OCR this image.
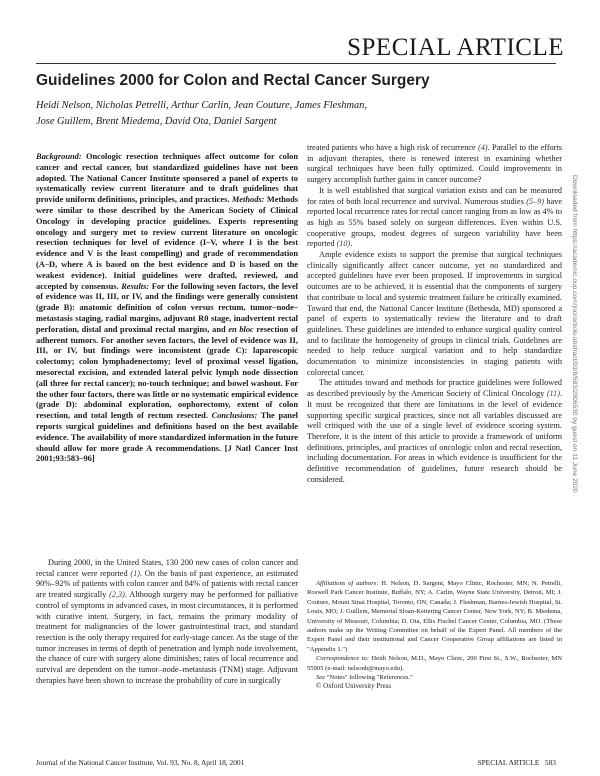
SPECIAL ARTICLE
Guidelines 2000 for Colon and Rectal Cancer Surgery
Heidi Nelson, Nicholas Petrelli, Arthur Carlin, Jean Couture, James Fleshman,
Jose Guillem, Brent Miedema, David Ota, Daniel Sargent

Background: Oncologic resection techniques affect outcome for colon cancer and rectal cancer, but standardized guidelines have not been adopted. The National Cancer Institute sponsored a panel of experts to systematically review current literature and to draft guidelines that provide uniform definitions, principles, and practices. Methods: Methods were similar to those described by the American Society of Clinical Oncology in developing practice guidelines. Experts representing oncology and surgery met to review current literature on oncologic resection techniques for level of evidence (I–V, where I is the best evidence and V is the least compelling) and grade of recommendation (A–D, where A is based on the best evidence and D is based on the weakest evidence). Initial guidelines were drafted, reviewed, and accepted by consensus. Results: For the following seven factors, the level of evidence was II, III, or IV, and the findings were generally consistent (grade B): anatomic definition of colon versus rectum, tumor–node–metastasis staging, radial margins, adjuvant R0 stage, inadvertent rectal perforation, distal and proximal rectal margins, and en bloc resection of adherent tumors. For another seven factors, the level of evidence was II, III, or IV, but findings were inconsistent (grade C): laparoscopic colectomy; colon lymphadenectomy; level of proximal vessel ligation, mesorectal excision, and extended lateral pelvic lymph node dissection (all three for rectal cancer); no-touch technique; and bowel washout. For the other four factors, there was little or no systematic empirical evidence (grade D): abdominal exploration, oophorectomy, extent of colon resection, and total length of rectum resected. Conclusions: The panel reports surgical guidelines and definitions based on the best available evidence. The availability of more standardized information in the future should allow for more grade A recommendations. [J Natl Cancer Inst 2001;93:583–96]

During 2000, in the United States, 130 200 new cases of colon cancer and rectal cancer were reported (1). On the basis of past experience, an estimated 90%–92% of patients with colon cancer and 84% of patients with rectal cancer are treated surgically (2,3). Although surgery may be performed for palliative control of symptoms in advanced cases, in most circumstances, it is performed with curative intent. Surgery, in fact, remains the primary modality of treatment for malignancies of the lower gastrointestinal tract, and standard resection is the only therapy required for early-stage cancer. As the stage of the tumor increases in terms of depth of penetration and lymph node involvement, the chance of cure with surgery alone diminishes; rates of local recurrence and survival are dependent on the tumor–node–metastasis (TNM) stage. Adjuvant therapies have been shown to increase the probability of cure in surgically

treated patients who have a high risk of recurrence (4). Parallel to the efforts in adjuvant therapies, there is renewed interest in examining whether surgical techniques have been fully optimized. Could improvements in surgery accomplish further gains in cancer outcome?

It is well established that surgical variation exists and can be measured for rates of both local recurrence and survival. Numerous studies (5–9) have reported local recurrence rates for rectal cancer ranging from as low as 4% to as high as 55% based solely on surgeon differences. Even within U.S. cooperative groups, modest degrees of surgeon variability have been reported (10).

Ample evidence exists to support the premise that surgical techniques clinically significantly affect cancer outcome, yet no standardized and accepted guidelines have ever been proposed. If improvements in surgical outcomes are to be achieved, it is essential that the components of surgery that contribute to local and systemic treatment failure be critically examined. Toward that end, the National Cancer Institute (Bethesda, MD) sponsored a panel of experts to systematically review the literature and to draft guidelines. These guidelines are intended to enhance surgical quality control and to facilitate the homogeneity of groups in clinical trials. Guidelines are needed to help reduce surgical variation and to help standardize documentation to minimize inconsistencies in staging patients with colorectal cancer.

The attitudes toward and methods for practice guidelines were followed as described previously by the American Society of Clinical Oncology (11). It must be recognized that there are limitations in the level of evidence supporting specific surgical practices, since not all variables discussed are well critiqued with the use of a single level of evidence scoring system. Therefore, it is the intent of this article to provide a framework of uniform definitions, principles, and practices of oncologic colon and rectal resection, including documentation. For areas in which evidence is insufficient for the definitive recommendation of guidelines, future research should be considered.

Affiliations of authors: H. Nelson, D. Sargent, Mayo Clinic, Rochester, MN; N. Petrelli, Roswell Park Cancer Institute, Buffalo, NY; A. Carlin, Wayne State University, Detroit, MI; J. Couture, Mount Sinai Hospital, Toronto, ON, Canada; J. Fleshman, Barnes-Jewish Hospital, St. Louis, MO; J. Guillem, Memorial Sloan-Kettering Cancer Center, New York, NY; B. Miedema, University of Missouri, Columbia; D. Ota, Ellis Fischel Cancer Center, Columbia, MO. (These authors make up the Writing Committee on behalf of the Expert Panel. All members of the Expert Panel and their institutional and Cancer Cooperative Group affiliations are listed in "Appendix 1.")

Correspondence to: Heidi Nelson, M.D., Mayo Clinic, 200 First St., S.W., Rochester, MN 55905 (e-mail: nelsonh@mayo.edu).

See "Notes" following "References."

© Oxford University Press

Downloaded from https://academic.oup.com/jnci/article-abstract/93/8/583/2906530 by guest on 11 June 2020
Journal of the National Cancer Institute, Vol. 93, No. 8, April 18, 2001	SPECIAL ARTICLE 583
